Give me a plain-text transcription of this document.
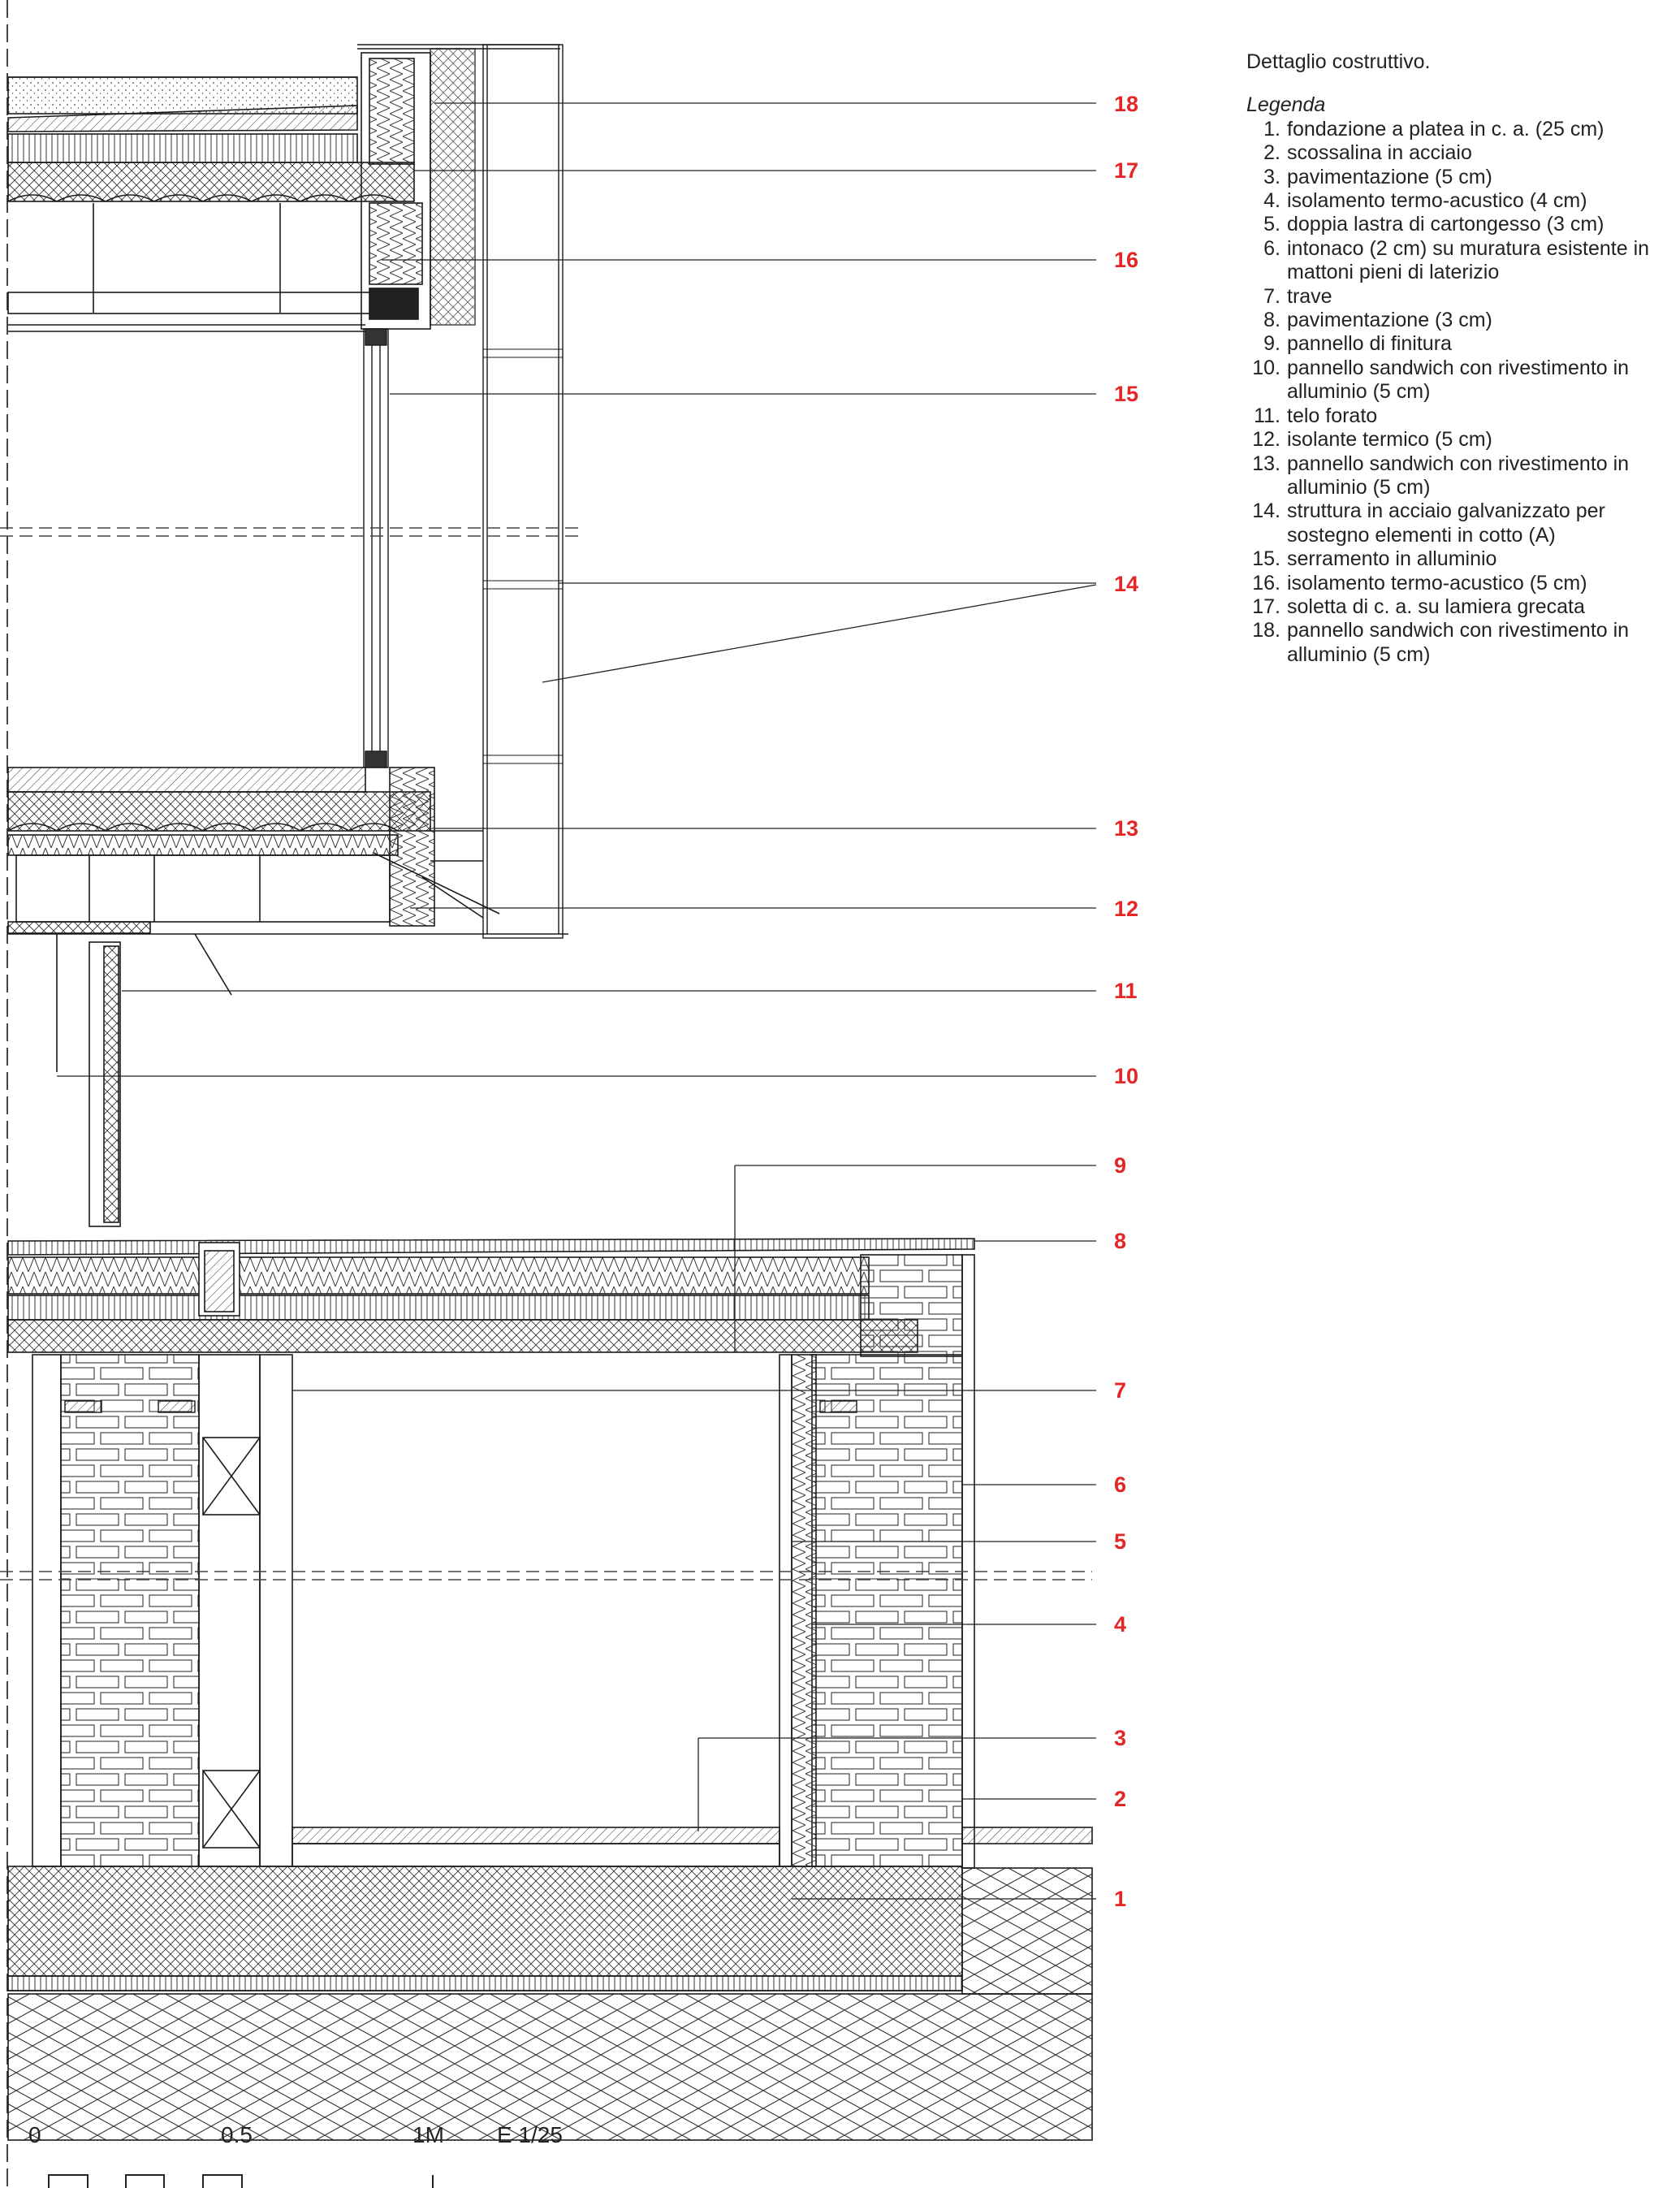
18
17
16
15
14
13
12
11
10
9
8
7
6
5
4
3
2
1
0	0.5	1M E 1/25

Dettaglio costruttivo.

Legenda

1. fondazione a platea in c. a. (25 cm)
2. scossalina in acciaio
3. pavimentazione (5 cm)
4. isolamento termo-acustico (4 cm)
5. doppia lastra di cartongesso (3 cm)
6. intonaco (2 cm) su muratura esistente in mattoni pieni di laterizio
7. trave
8. pavimentazione (3 cm)
9. pannello di finitura
10. pannello sandwich con rivestimento in alluminio (5 cm)
11. telo forato
12. isolante termico (5 cm)
13. pannello sandwich con rivestimento in alluminio (5 cm)
14. struttura in acciaio galvanizzato per sostegno elementi in cotto (A)
15. serramento in alluminio
16. isolamento termo-acustico (5 cm)
17. soletta di c. a. su lamiera grecata
18. pannello sandwich con rivestimento in alluminio (5 cm)
